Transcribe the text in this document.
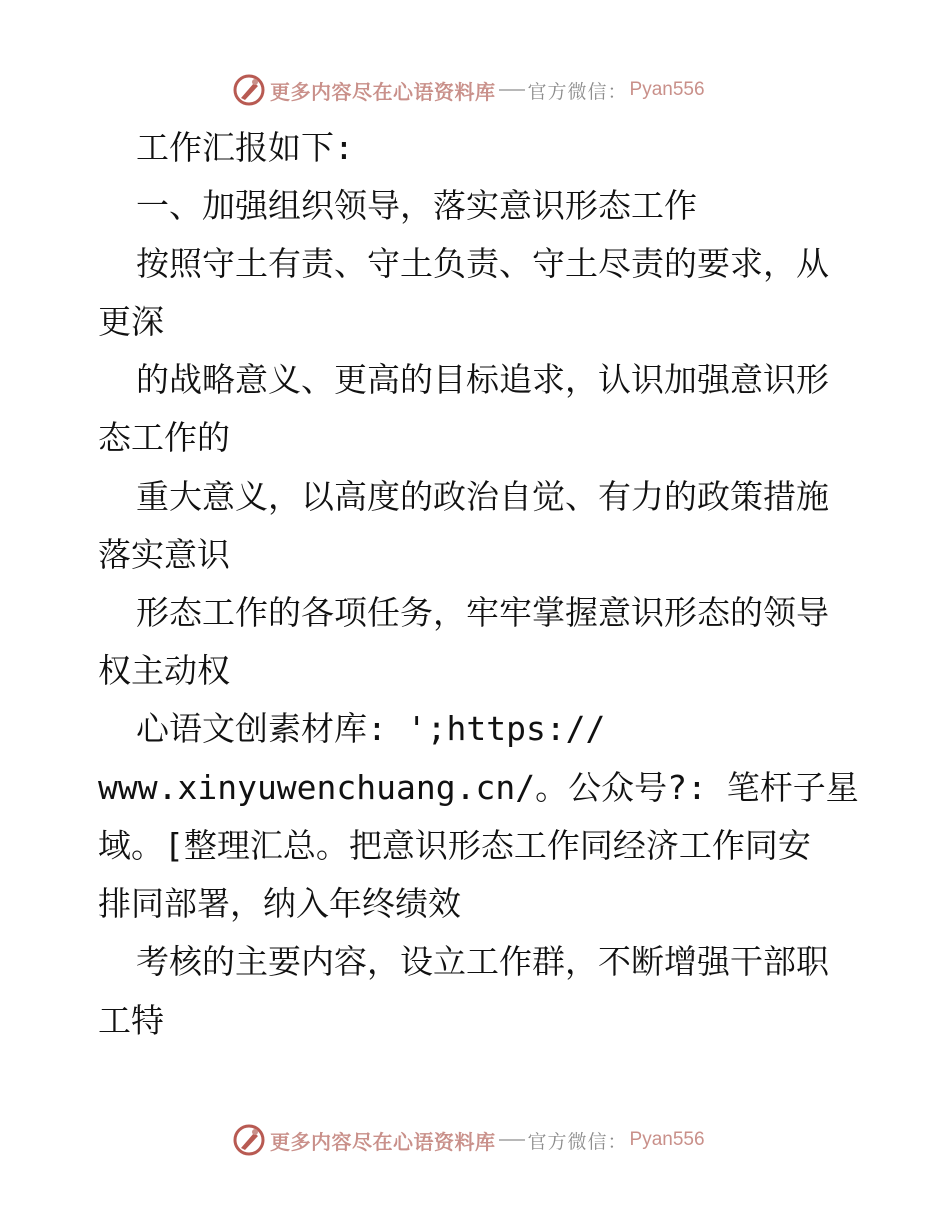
更多内容尽在心语资料库 官方微信： Pyan556
工作汇报如下:
一、加强组织领导，落实意识形态工作
按照守土有责、守土负责、守土尽责的要求，从
更深
的战略意义、更高的目标追求，认识加强意识形
态工作的
重大意义，以高度的政治自觉、有力的政策措施
落实意识
形态工作的各项任务，牢牢掌握意识形态的领导
权主动权
心语文创素材库: ';https://
www.xinyuwenchuang.cn/。公众号?: 笔杆子星
域。[整理汇总。把意识形态工作同经济工作同安
排同部署，纳入年终绩效
考核的主要内容，设立工作群，不断增强干部职
工特
更多内容尽在心语资料库 官方微信： Pyan556
